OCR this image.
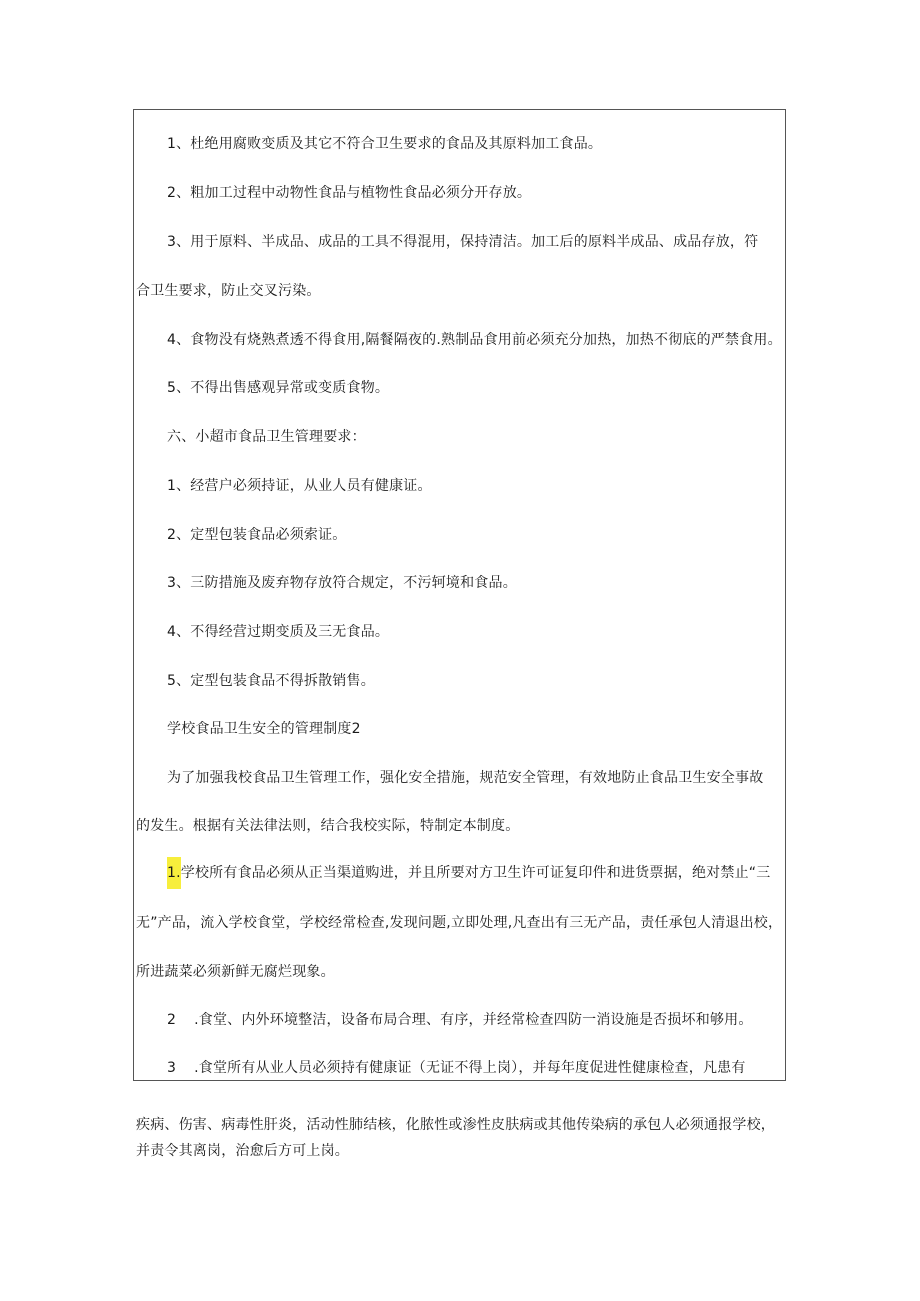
1、杜绝用腐败变质及其它不符合卫生要求的食品及其原料加工食品。
2、粗加工过程中动物性食品与植物性食品必须分开存放。
3、用于原料、半成品、成品的工具不得混用，保持清洁。加工后的原料半成品、成品存放，符
合卫生要求，防止交叉污染。
4、食物没有烧熟煮透不得食用,隔餐隔夜的.熟制品食用前必须充分加热，加热不彻底的严禁食用。
5、不得出售感观异常或变质食物。
六、小超市食品卫生管理要求：
1、经营户必须持证，从业人员有健康证。
2、定型包装食品必须索证。
3、三防措施及废弃物存放符合规定，不污轲境和食品。
4、不得经营过期变质及三无食品。
5、定型包装食品不得拆散销售。
学校食品卫生安全的管理制度2
为了加强我校食品卫生管理工作，强化安全措施，规范安全管理，有效地防止食品卫生安全事故
的发生。根据有关法律法则，结合我校实际，特制定本制度。
1.学校所有食品必须从正当渠道购进，并且所要对方卫生许可证复印件和进货票据，绝对禁止“三
无”产品，流入学校食堂，学校经常检查,发现问题,立即处理,凡查出有三无产品，责任承包人清退出校，
所进蔬菜必须新鲜无腐烂现象。
2 .食堂、内外环境整洁，设备布局合理、有序，并经常检查四防一消设施是否损坏和够用。
3 .食堂所有从业人员必须持有健康证（无证不得上岗），并每年度促进性健康检查，凡患有
疾病、伤害、病毒性肝炎，活动性肺结核，化脓性或渗性皮肤病或其他传染病的承包人必须通报学校，
并责令其离岗，治愈后方可上岗。
